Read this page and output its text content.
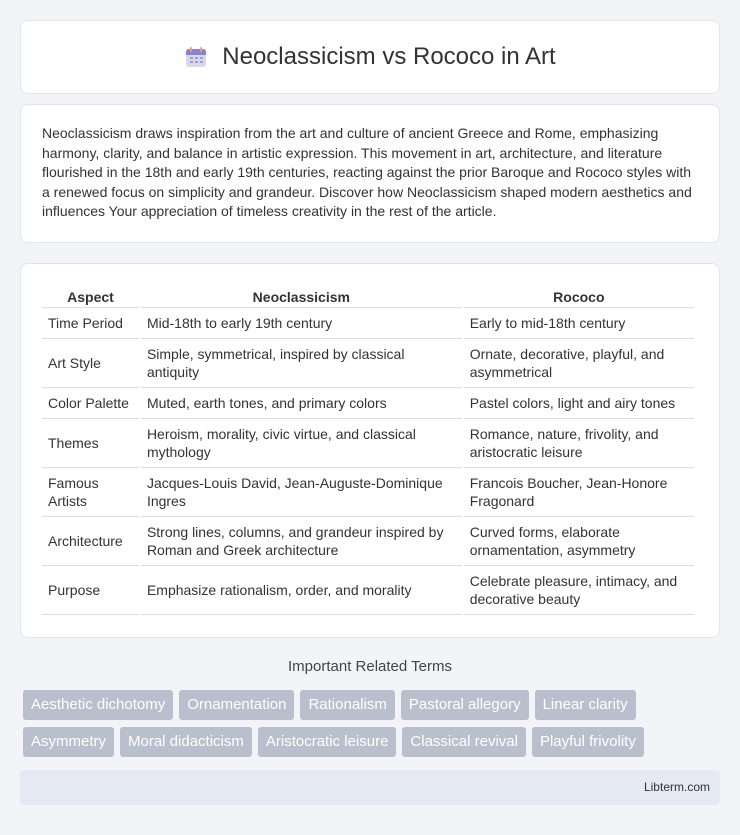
Neoclassicism vs Rococo in Art

Neoclassicism draws inspiration from the art and culture of ancient Greece and Rome, emphasizing harmony, clarity, and balance in artistic expression. This movement in art, architecture, and literature flourished in the 18th and early 19th centuries, reacting against the prior Baroque and Rococo styles with a renewed focus on simplicity and grandeur. Discover how Neoclassicism shaped modern aesthetics and influences Your appreciation of timeless creativity in the rest of the article.

Aspect	Neoclassicism	Rococo
Time Period	Mid-18th to early 19th century	Early to mid-18th century
Art Style	Simple, symmetrical, inspired by classical antiquity	Ornate, decorative, playful, and asymmetrical
Color Palette	Muted, earth tones, and primary colors	Pastel colors, light and airy tones
Themes	Heroism, morality, civic virtue, and classical mythology	Romance, nature, frivolity, and aristocratic leisure
Famous Artists	Jacques-Louis David, Jean-Auguste-Dominique Ingres	Francois Boucher, Jean-Honore Fragonard
Architecture	Strong lines, columns, and grandeur inspired by Roman and Greek architecture	Curved forms, elaborate ornamentation, asymmetry
Purpose	Emphasize rationalism, order, and morality	Celebrate pleasure, intimacy, and decorative beauty
Important Related Terms
Aesthetic dichotomy	Ornamentation	Rationalism	Pastoral allegory	Linear clarity
Asymmetry	Moral didacticism	Aristocratic leisure	Classical revival	Playful frivolity
Libterm.com
